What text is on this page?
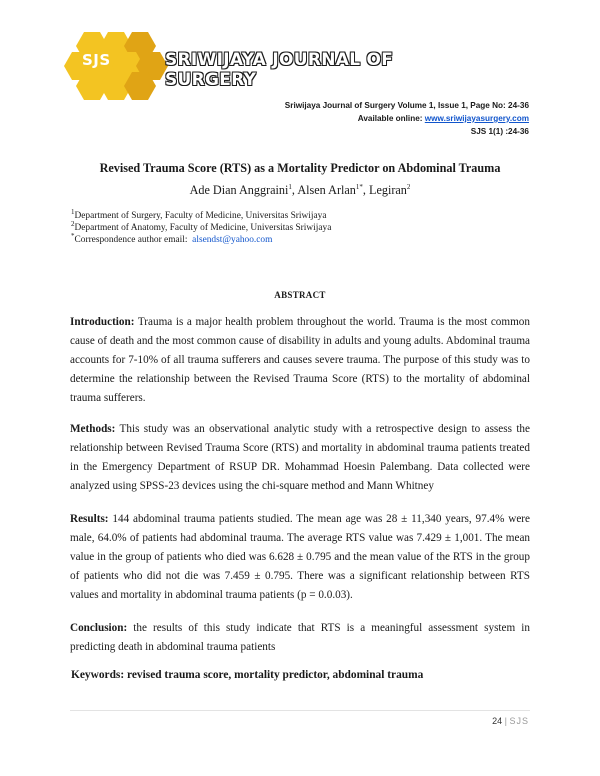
SJS	SRIWIJAYA JOURNAL OF SURGERY
Sriwijaya Journal of Surgery Volume 1, Issue 1, Page No: 24-36
Available online: www.sriwijayasurgery.com
SJS 1(1) :24-36
Revised Trauma Score (RTS) as a Mortality Predictor on Abdominal Trauma
Ade Dian Anggraini$^1$, Alsen Arlan$^{1*}$, Legiran$^2$
$^1$Department of Surgery, Faculty of Medicine, Universitas Sriwijaya
$^2$Department of Anatomy, Faculty of Medicine, Universitas Sriwijaya
*Correspondence author email: alsendst@yahoo.com
ABSTRACT
Introduction: Trauma is a major health problem throughout the world. Trauma is the most common cause of death and the most common cause of disability in adults and young adults. Abdominal trauma accounts for 7-10% of all trauma sufferers and causes severe trauma. The purpose of this study was to determine the relationship between the Revised Trauma Score (RTS) to the mortality of abdominal trauma sufferers.
Methods: This study was an observational analytic study with a retrospective design to assess the relationship between Revised Trauma Score (RTS) and mortality in abdominal trauma patients treated in the Emergency Department of RSUP DR. Mohammad Hoesin Palembang. Data collected were analyzed using SPSS-23 devices using the chi-square method and Mann Whitney
Results: 144 abdominal trauma patients studied. The mean age was 28 ± 11,340 years, 97.4% were male, 64.0% of patients had abdominal trauma. The average RTS value was 7.429 ± 1,001. The mean value in the group of patients who died was 6.628 ± 0.795 and the mean value of the RTS in the group of patients who did not die was 7.459 ± 0.795. There was a significant relationship between RTS values and mortality in abdominal trauma patients (p = 0.0.03).
Conclusion: the results of this study indicate that RTS is a meaningful assessment system in predicting death in abdominal trauma patients
Keywords: revised trauma score, mortality predictor, abdominal trauma
24 | SJS
